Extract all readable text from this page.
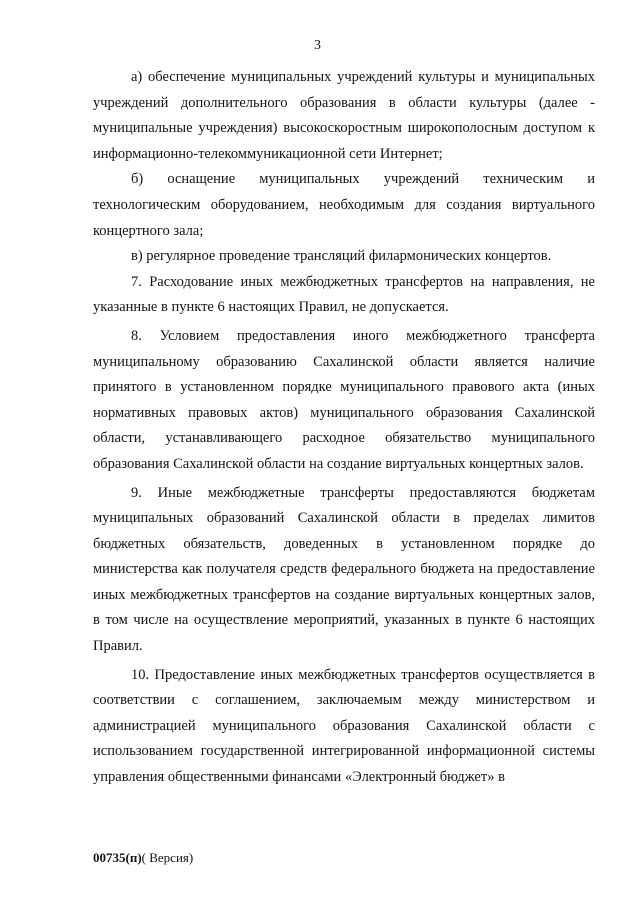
3

а) обеспечение муниципальных учреждений культуры и муниципальных учреждений дополнительного образования в области культуры (далее - муниципальные учреждения) высокоскоростным широкополосным доступом к информационно-телекоммуникационной сети Интернет;

б) оснащение муниципальных учреждений техническим и технологическим оборудованием, необходимым для создания виртуального концертного зала;

в) регулярное проведение трансляций филармонических концертов.

7. Расходование иных межбюджетных трансфертов на направления, не указанные в пункте 6 настоящих Правил, не допускается.

8. Условием предоставления иного межбюджетного трансферта муниципальному образованию Сахалинской области является наличие принятого в установленном порядке муниципального правового акта (иных нормативных правовых актов) муниципального образования Сахалинской области, устанавливающего расходное обязательство муниципального образования Сахалинской области на создание виртуальных концертных залов.

9. Иные межбюджетные трансферты предоставляются бюджетам муниципальных образований Сахалинской области в пределах лимитов бюджетных обязательств, доведенных в установленном порядке до министерства как получателя средств федерального бюджета на предоставление иных межбюджетных трансфертов на создание виртуальных концертных залов, в том числе на осуществление мероприятий, указанных в пункте 6 настоящих Правил.

10. Предоставление иных межбюджетных трансфертов осуществляется в соответствии с соглашением, заключаемым между министерством и администрацией муниципального образования Сахалинской области с использованием государственной интегрированной информационной системы управления общественными финансами «Электронный бюджет» в

00735(п)( Версия)
